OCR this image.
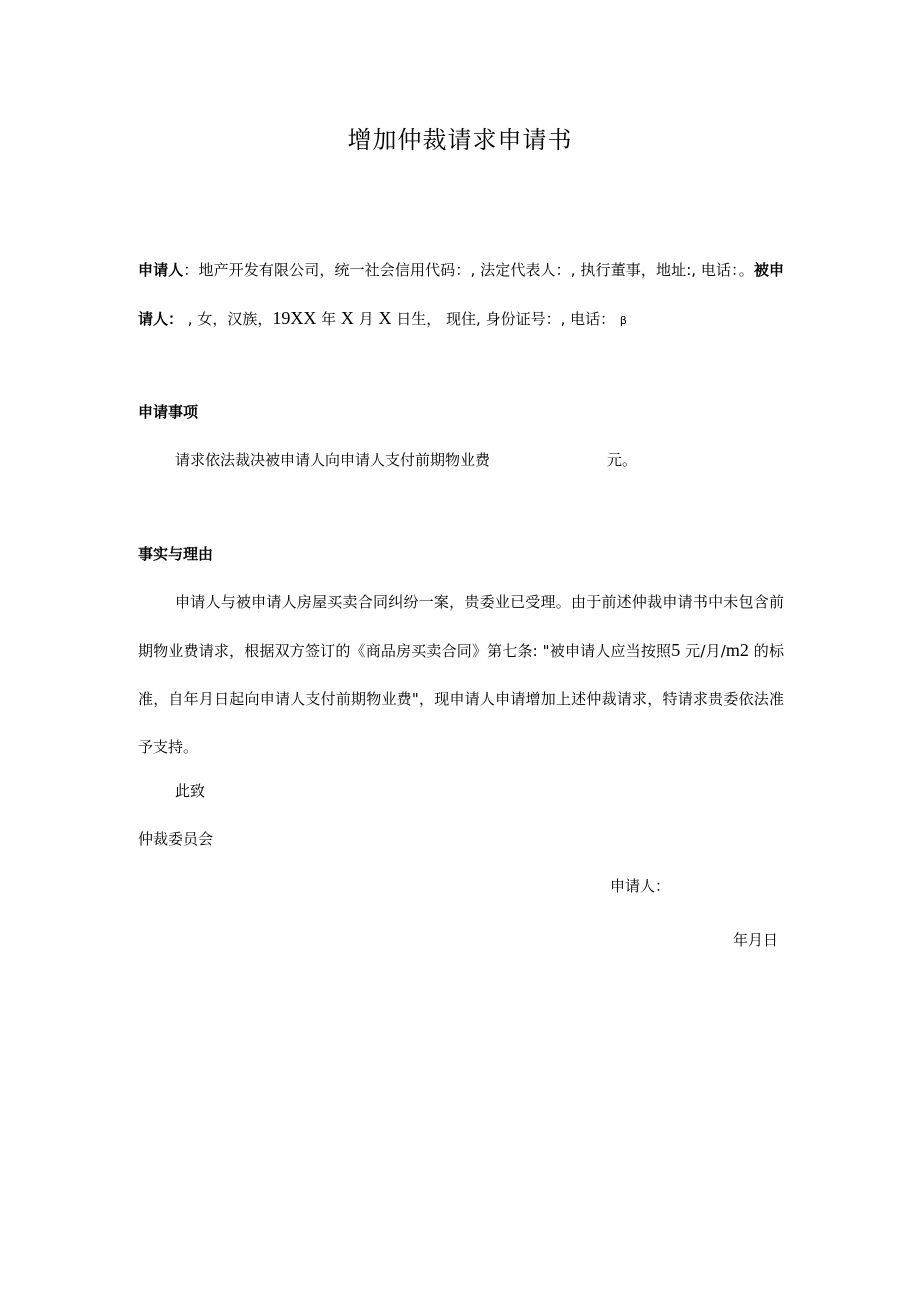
增加仲裁请求申请书

申请人：地产开发有限公司，统一社会信用代码：, 法定代表人：, 执行董事，地址:, 电话：。被申请人： , 女，汉族，19XX 年 X 月 X 日生， 现住, 身份证号：, 电话： β

申请事项
请求依法裁决被申请人向申请人支付前期物业费	元。
事实与理由

申请人与被申请人房屋买卖合同纠纷一案，贵委业已受理。由于前述仲裁申请书中未包含前期物业费请求，根据双方签订的《商品房买卖合同》第七条: "被申请人应当按照5 元/月/m2 的标准，自年月日起向申请人支付前期物业费"，现申请人申请增加上述仲裁请求，特请求贵委依法准予支持。

此致
仲裁委员会
申请人：
年月日
